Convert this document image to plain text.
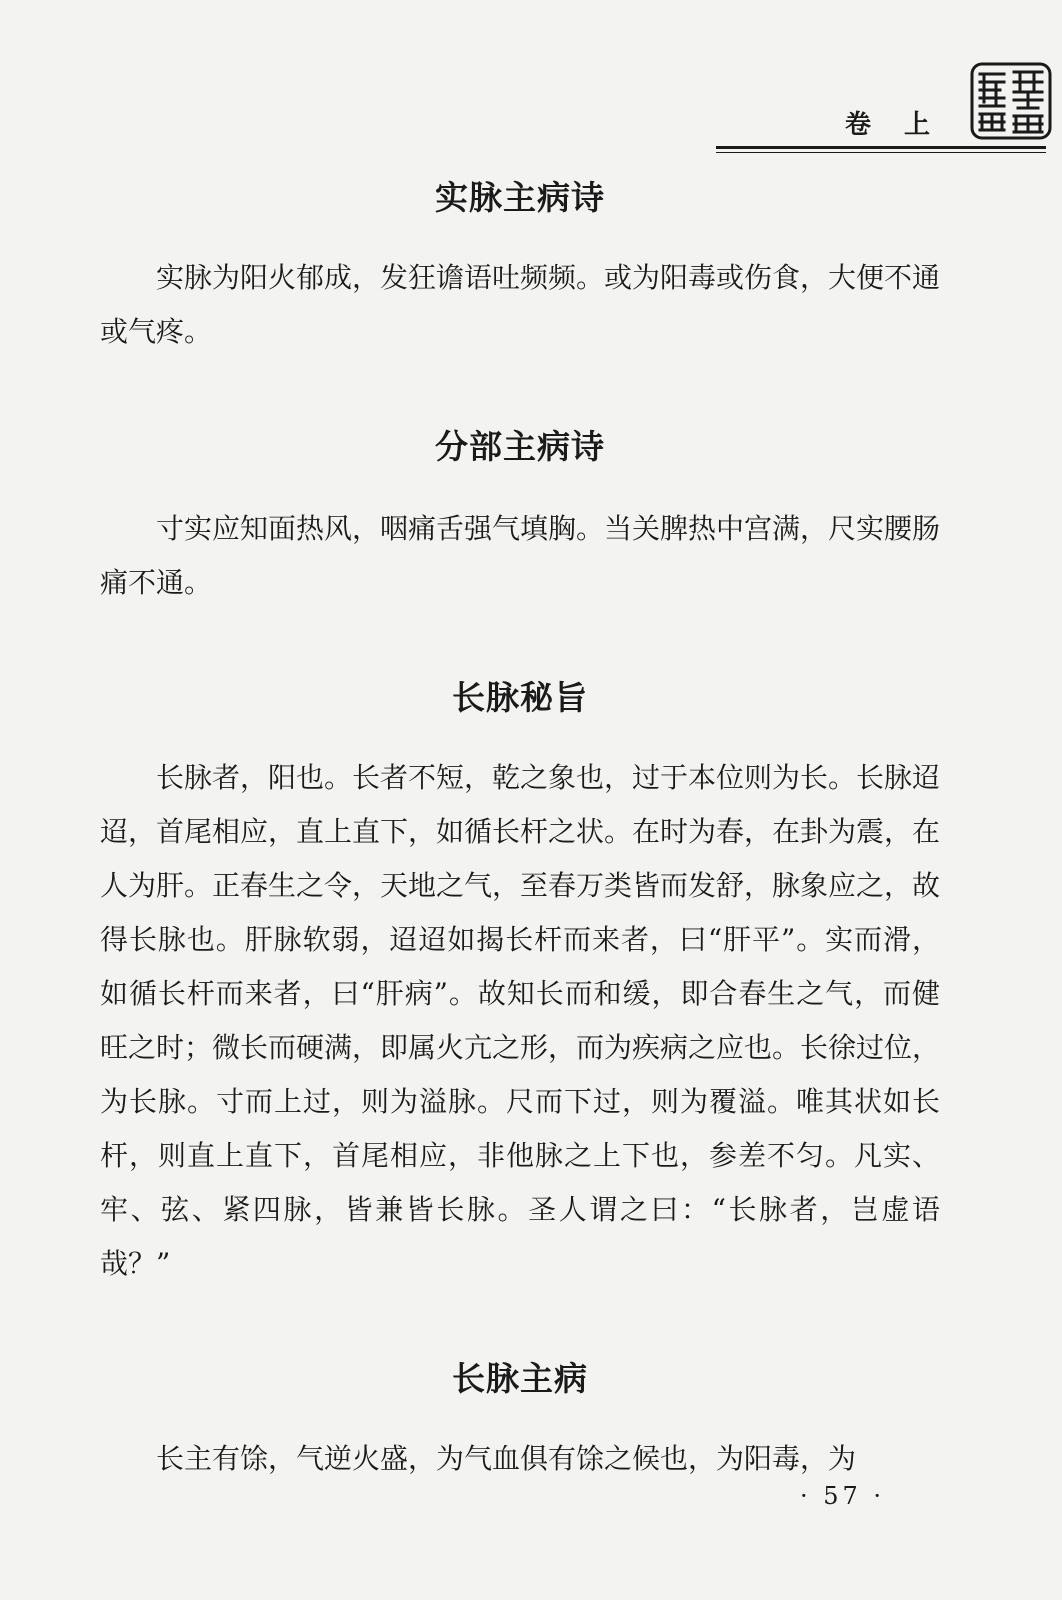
卷 上
实脉主病诗

实脉为阳火郁成，发狂谵语吐频频。或为阳毒或伤食，大便不通或气疼。

分部主病诗

寸实应知面热风，咽痛舌强气填胸。当关脾热中宫满，尺实腰肠痛不通。

长脉秘旨

长脉者，阳也。长者不短，乾之象也，过于本位则为长。长脉迢迢，首尾相应，直上直下，如循长杆之状。在时为春，在卦为震，在人为肝。正春生之令，天地之气，至春万类皆而发舒，脉象应之，故得长脉也。肝脉软弱，迢迢如揭长杆而来者，曰“肝平”。实而滑，如循长杆而来者，曰“肝病”。故知长而和缓，即合春生之气，而健旺之时；微长而硬满，即属火亢之形，而为疾病之应也。长徐过位，为长脉。寸而上过，则为溢脉。尺而下过，则为覆溢。唯其状如长杆，则直上直下，首尾相应，非他脉之上下也，参差不匀。凡实、牢、弦、紧四脉，皆兼皆长脉。圣人谓之曰：“长脉者，岂虚语哉？”

长脉主病

长主有馀，气逆火盛，为气血俱有馀之候也，为阳毒，为

· 57 ·
